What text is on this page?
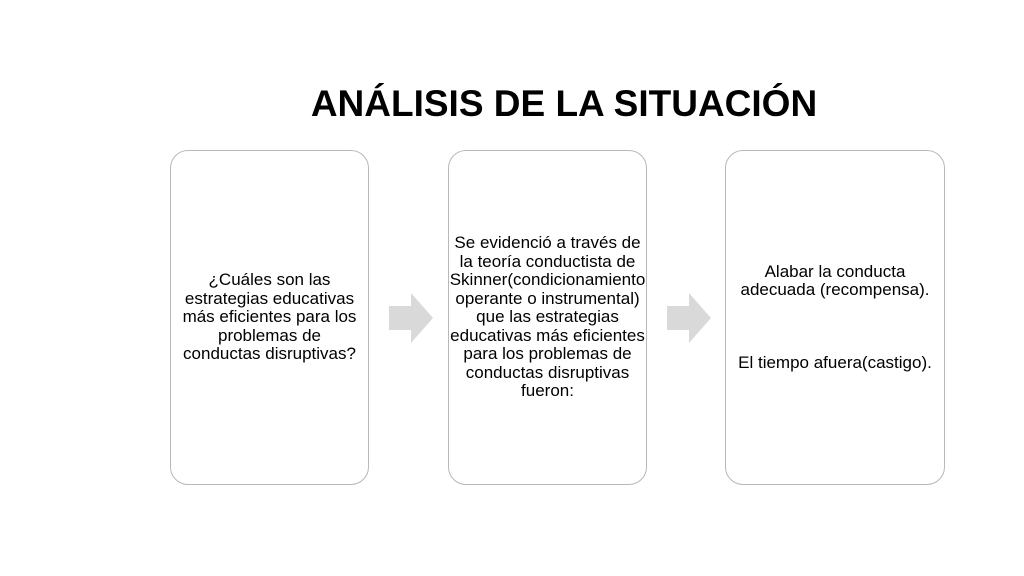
ANÁLISIS DE LA SITUACIÓN
¿Cuáles son las estrategias educativas más eficientes para los problemas de conductas disruptivas?
Se evidenció a través de la teoría conductista de Skinner(condicionamiento operante o instrumental) que las estrategias educativas más eficientes para los problemas de conductas disruptivas fueron:
Alabar la conducta adecuada (recompensa).
El tiempo afuera(castigo).
